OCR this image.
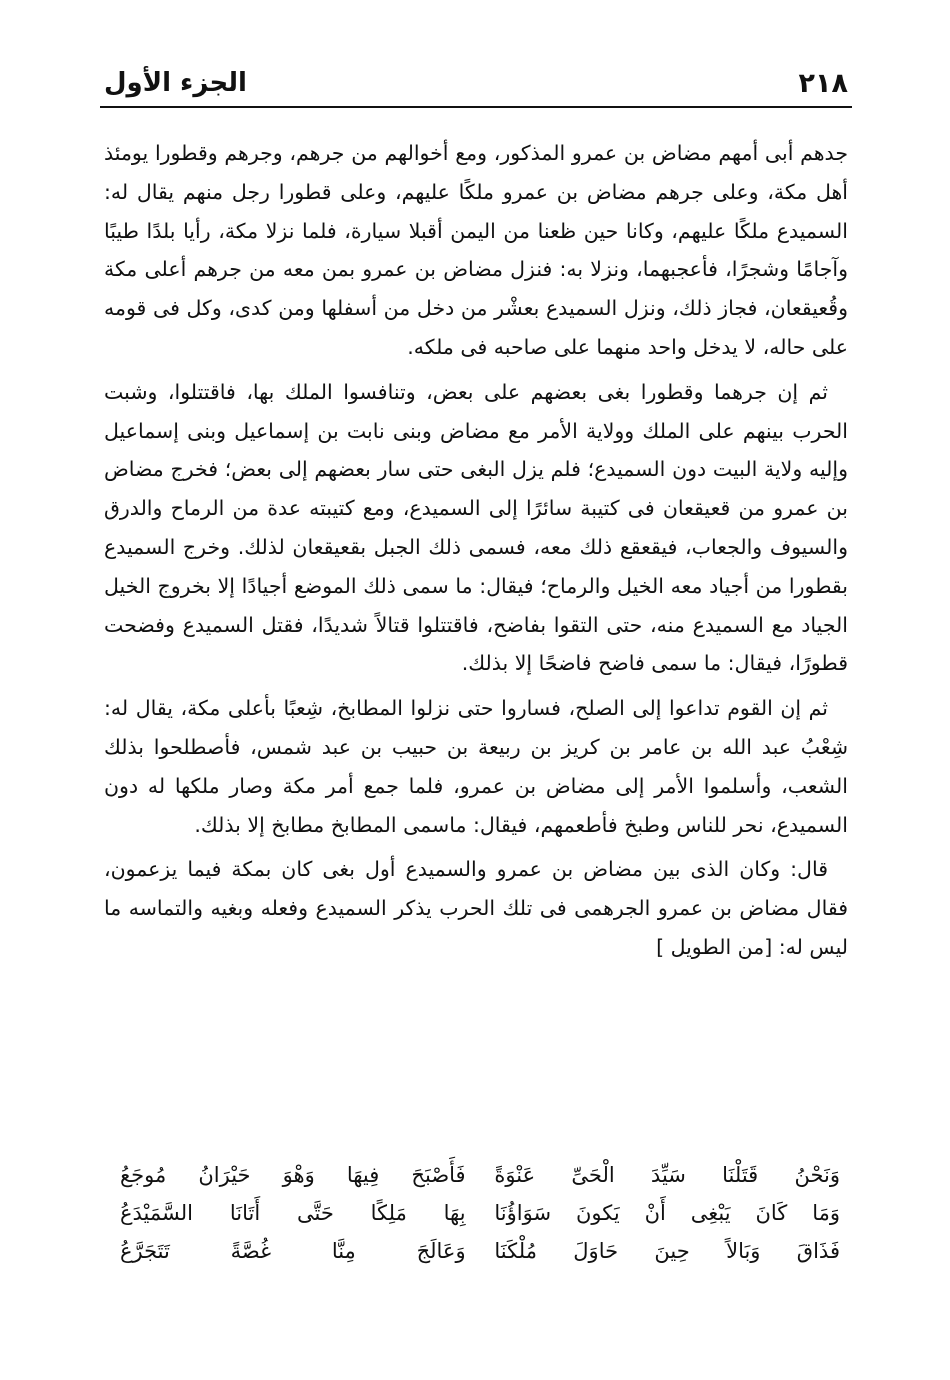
٢١٨
الجزء الأول

جدهم أبى أمهم مضاض بن عمرو المذكور، ومع أخوالهم من جرهم، وجرهم وقطورا يومئذ أهل مكة، وعلى جرهم مضاض بن عمرو ملكًا عليهم، وعلى قطورا رجل منهم يقال له: السميدع ملكًا عليهم، وكانا حين ظعنا من اليمن أقبلا سيارة، فلما نزلا مكة، رأيا بلدًا طيبًا وآجامًا وشجرًا، فأعجبهما، ونزلا به: فنزل مضاض بن عمرو بمن معه من جرهم أعلى مكة وقُعيقعان، فجاز ذلك، ونزل السميدع بعشْر من دخل من أسفلها ومن كدى، وكل فى قومه على حاله، لا يدخل واحد منهما على صاحبه فى ملكه.

ثم إن جرهما وقطورا بغى بعضهم على بعض، وتنافسوا الملك بها، فاقتتلوا، وشبت الحرب بينهم على الملك وولاية الأمر مع مضاض وبنى نابت بن إسماعيل وبنى إسماعيل وإليه ولاية البيت دون السميدع؛ فلم يزل البغى حتى سار بعضهم إلى بعض؛ فخرج مضاض بن عمرو من قعيقعان فى كتيبة سائرًا إلى السميدع، ومع كتيبته عدة من الرماح والدرق والسيوف والجعاب، فيقعقع ذلك معه، فسمى ذلك الجبل بقعيقعان لذلك. وخرج السميدع بقطورا من أجياد معه الخيل والرماح؛ فيقال: ما سمى ذلك الموضع أجيادًا إلا بخروج الخيل الجياد مع السميدع منه، حتى التقوا بفاضح، فاقتتلوا قتالاً شديدًا، فقتل السميدع وفضحت قطورًا، فيقال: ما سمى فاضح فاضحًا إلا بذلك.

ثم إن القوم تداعوا إلى الصلح، فساروا حتى نزلوا المطابخ، شِعبًا بأعلى مكة، يقال له: شِعْبُ عبد الله بن عامر بن كريز بن ربيعة بن حبيب بن عبد شمس، فأصطلحوا بذلك الشعب، وأسلموا الأمر إلى مضاض بن عمرو، فلما جمع أمر مكة وصار ملكها له دون السميدع، نحر للناس وطبخ فأطعمهم، فيقال: ماسمى المطابخ مطابخ إلا بذلك.

قال: وكان الذى بين مضاض بن عمرو والسميدع أول بغى كان بمكة فيما يزعمون، فقال مضاض بن عمرو الجرهمى فى تلك الحرب يذكر السميدع وفعله وبغيه والتماسه ما ليس له: [من الطويل ]

وَنَحْنُ قَتَلْنَا سَيِّدَ الْحَىِّ عَنْوَةً
فَأَصْبَحَ فِيهَا وَهْوَ حَيْرَانُ مُوجَعُ
وَمَا كَانَ يَبْغِى أَنْ يَكونَ سَوَاؤُنَا
بِهَا مَلِكًا حَتَّى أَتَانَا السَّمَيْدَعُ
فَذَاقَ وَبَالاً حِينَ حَاوَلَ مُلْكَنَا
وَعَالَجَ مِنَّا غُصَّةً تَتَجَرَّعُ
